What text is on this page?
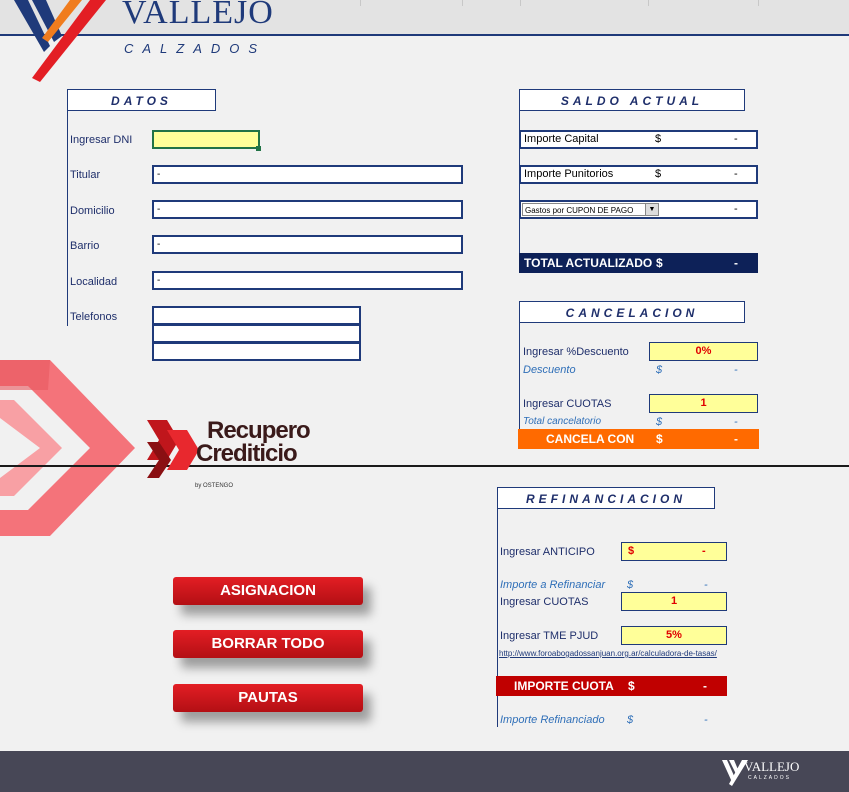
VALLEJO
CALZADOS
DATOS
Ingresar DNI
Titular	-
Domicilio	-
Barrio	-
Localidad	-
Telefonos
SALDO ACTUAL
Importe Capital	$	-
Importe Punitorios	$	-
Gastos por CUPON DE PAGO	▼	-
TOTAL ACTUALIZADO $	-
CANCELACION
Ingresar %Descuento	0%
Descuento	$	-
Ingresar CUOTAS	1
Total cancelatorio	$	-
CANCELA CON $	-
Recupero
Crediticio
by OSTENGO
REFINANCIACION
Ingresar ANTICIPO	$	-
Importe a Refinanciar $	-
Ingresar CUOTAS	1
Ingresar TME PJUD	5%
http://www.foroabogadossanjuan.org.ar/calculadora-de-tasas/
IMPORTE CUOTA $	-
Importe Refinanciado $	-
ASIGNACION
BORRAR TODO
PAUTAS
VALLEJO
CALZADOS
